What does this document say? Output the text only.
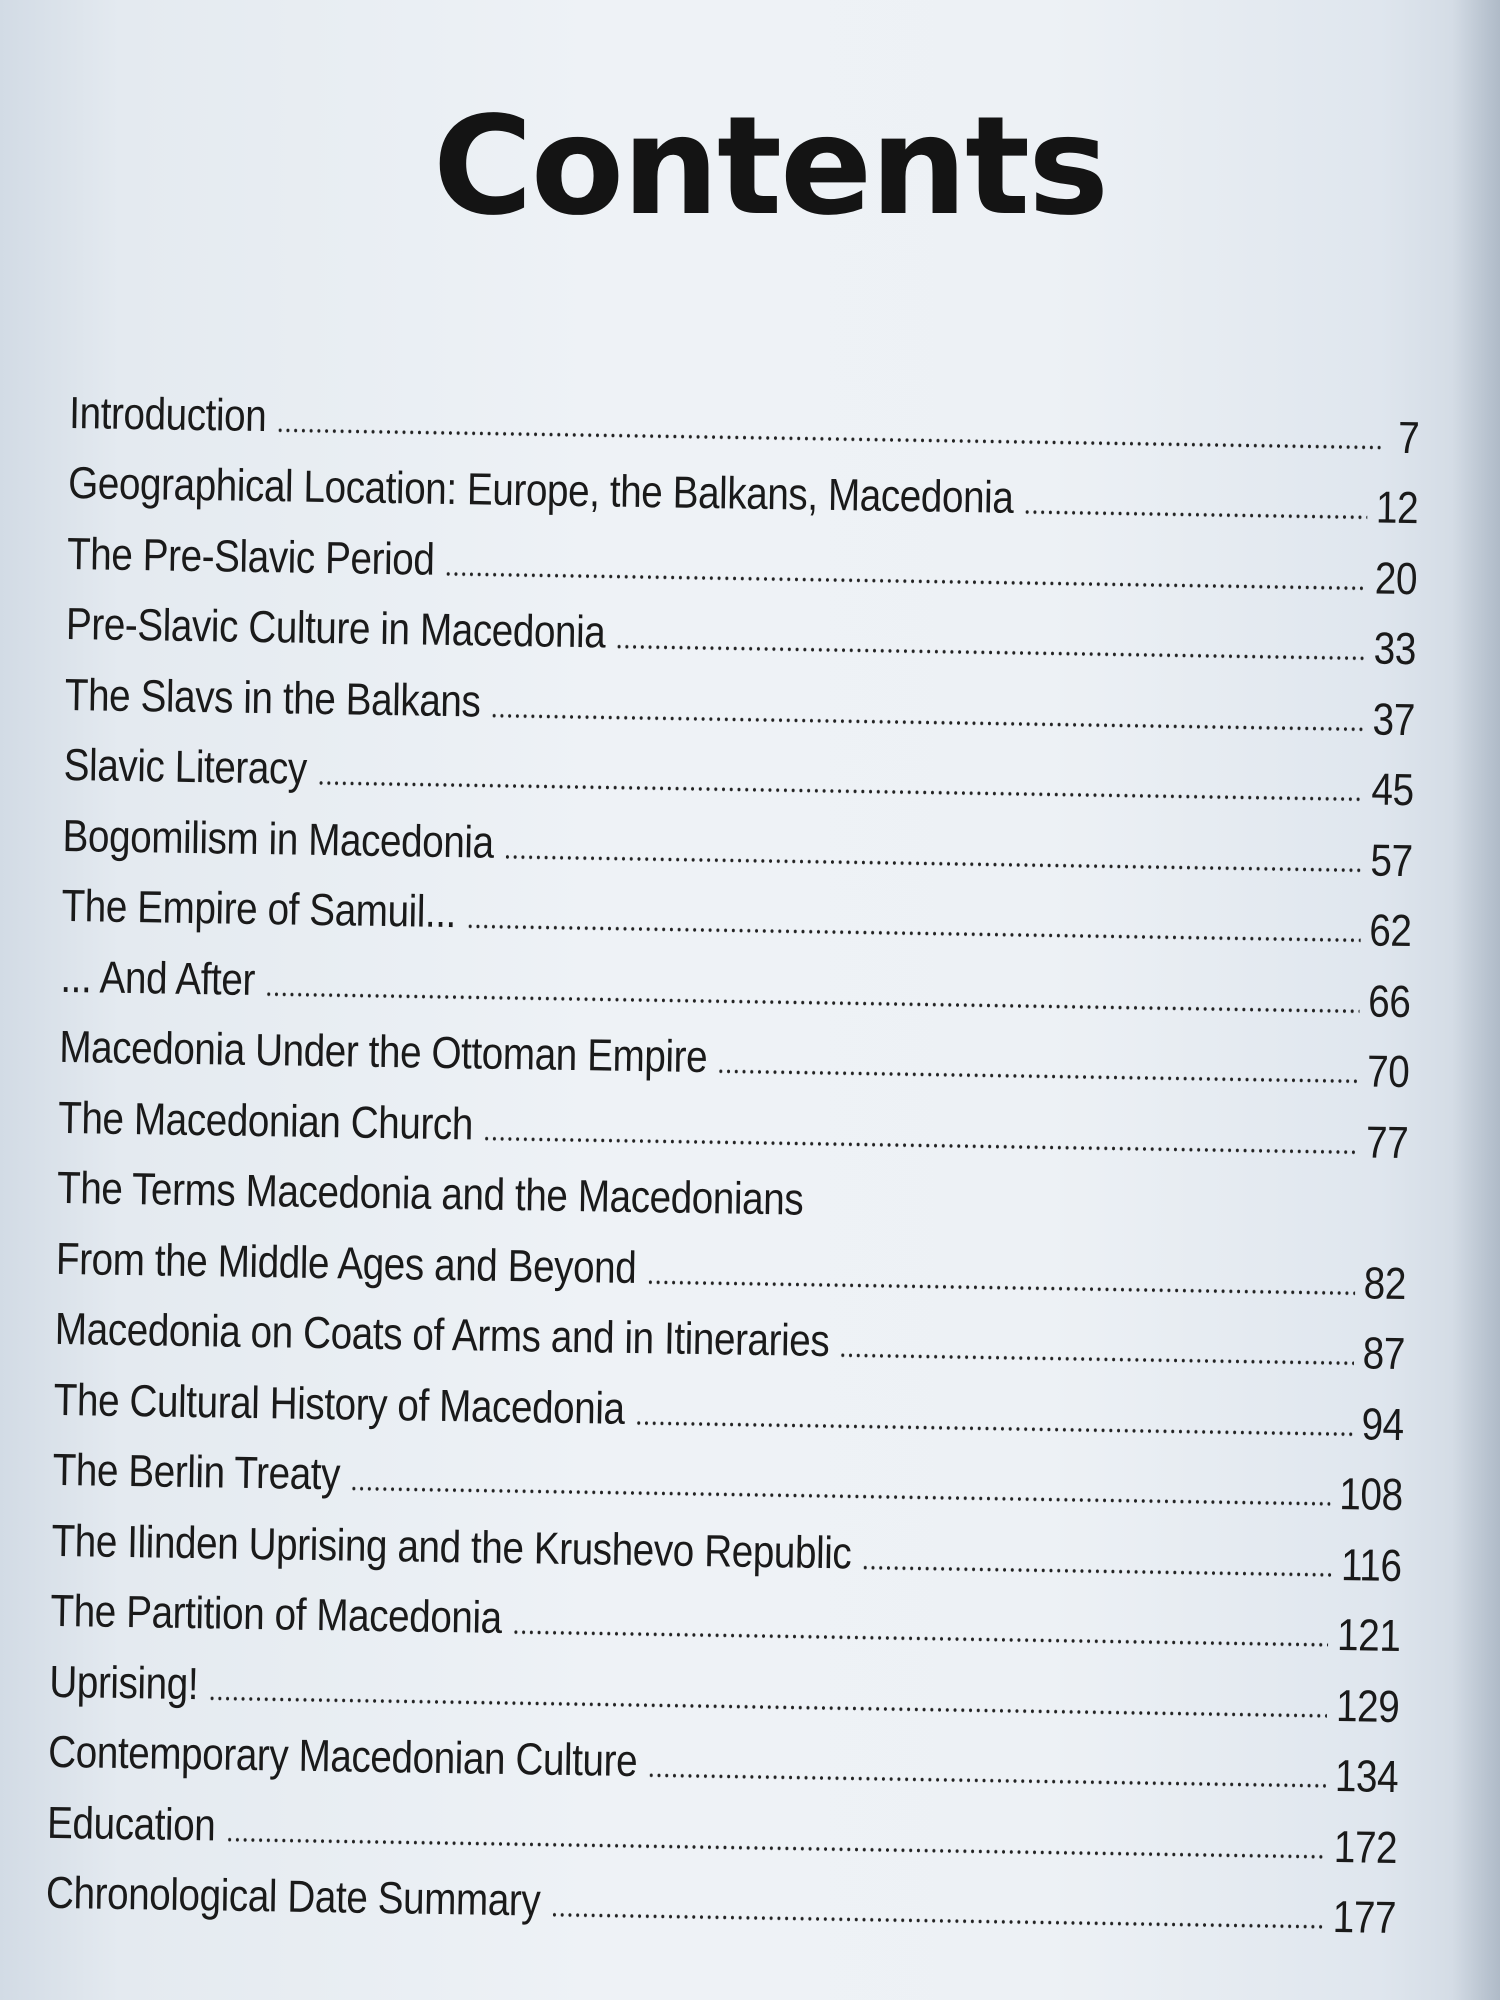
Contents
Introduction	7
Geographical Location: Europe, the Balkans, Macedonia	12
The Pre-Slavic Period	20
Pre-Slavic Culture in Macedonia	33
The Slavs in the Balkans	37
Slavic Literacy	45
Bogomilism in Macedonia	57
The Empire of Samuil...	62
... And After	66
Macedonia Under the Ottoman Empire	70
The Macedonian Church	77
The Terms Macedonia and the Macedonians
From the Middle Ages and Beyond	82
Macedonia on Coats of Arms and in Itineraries	87
The Cultural History of Macedonia	94
The Berlin Treaty	108
The Ilinden Uprising and the Krushevo Republic	116
The Partition of Macedonia	121
Uprising!	129
Contemporary Macedonian Culture	134
Education	172
Chronological Date Summary	177
